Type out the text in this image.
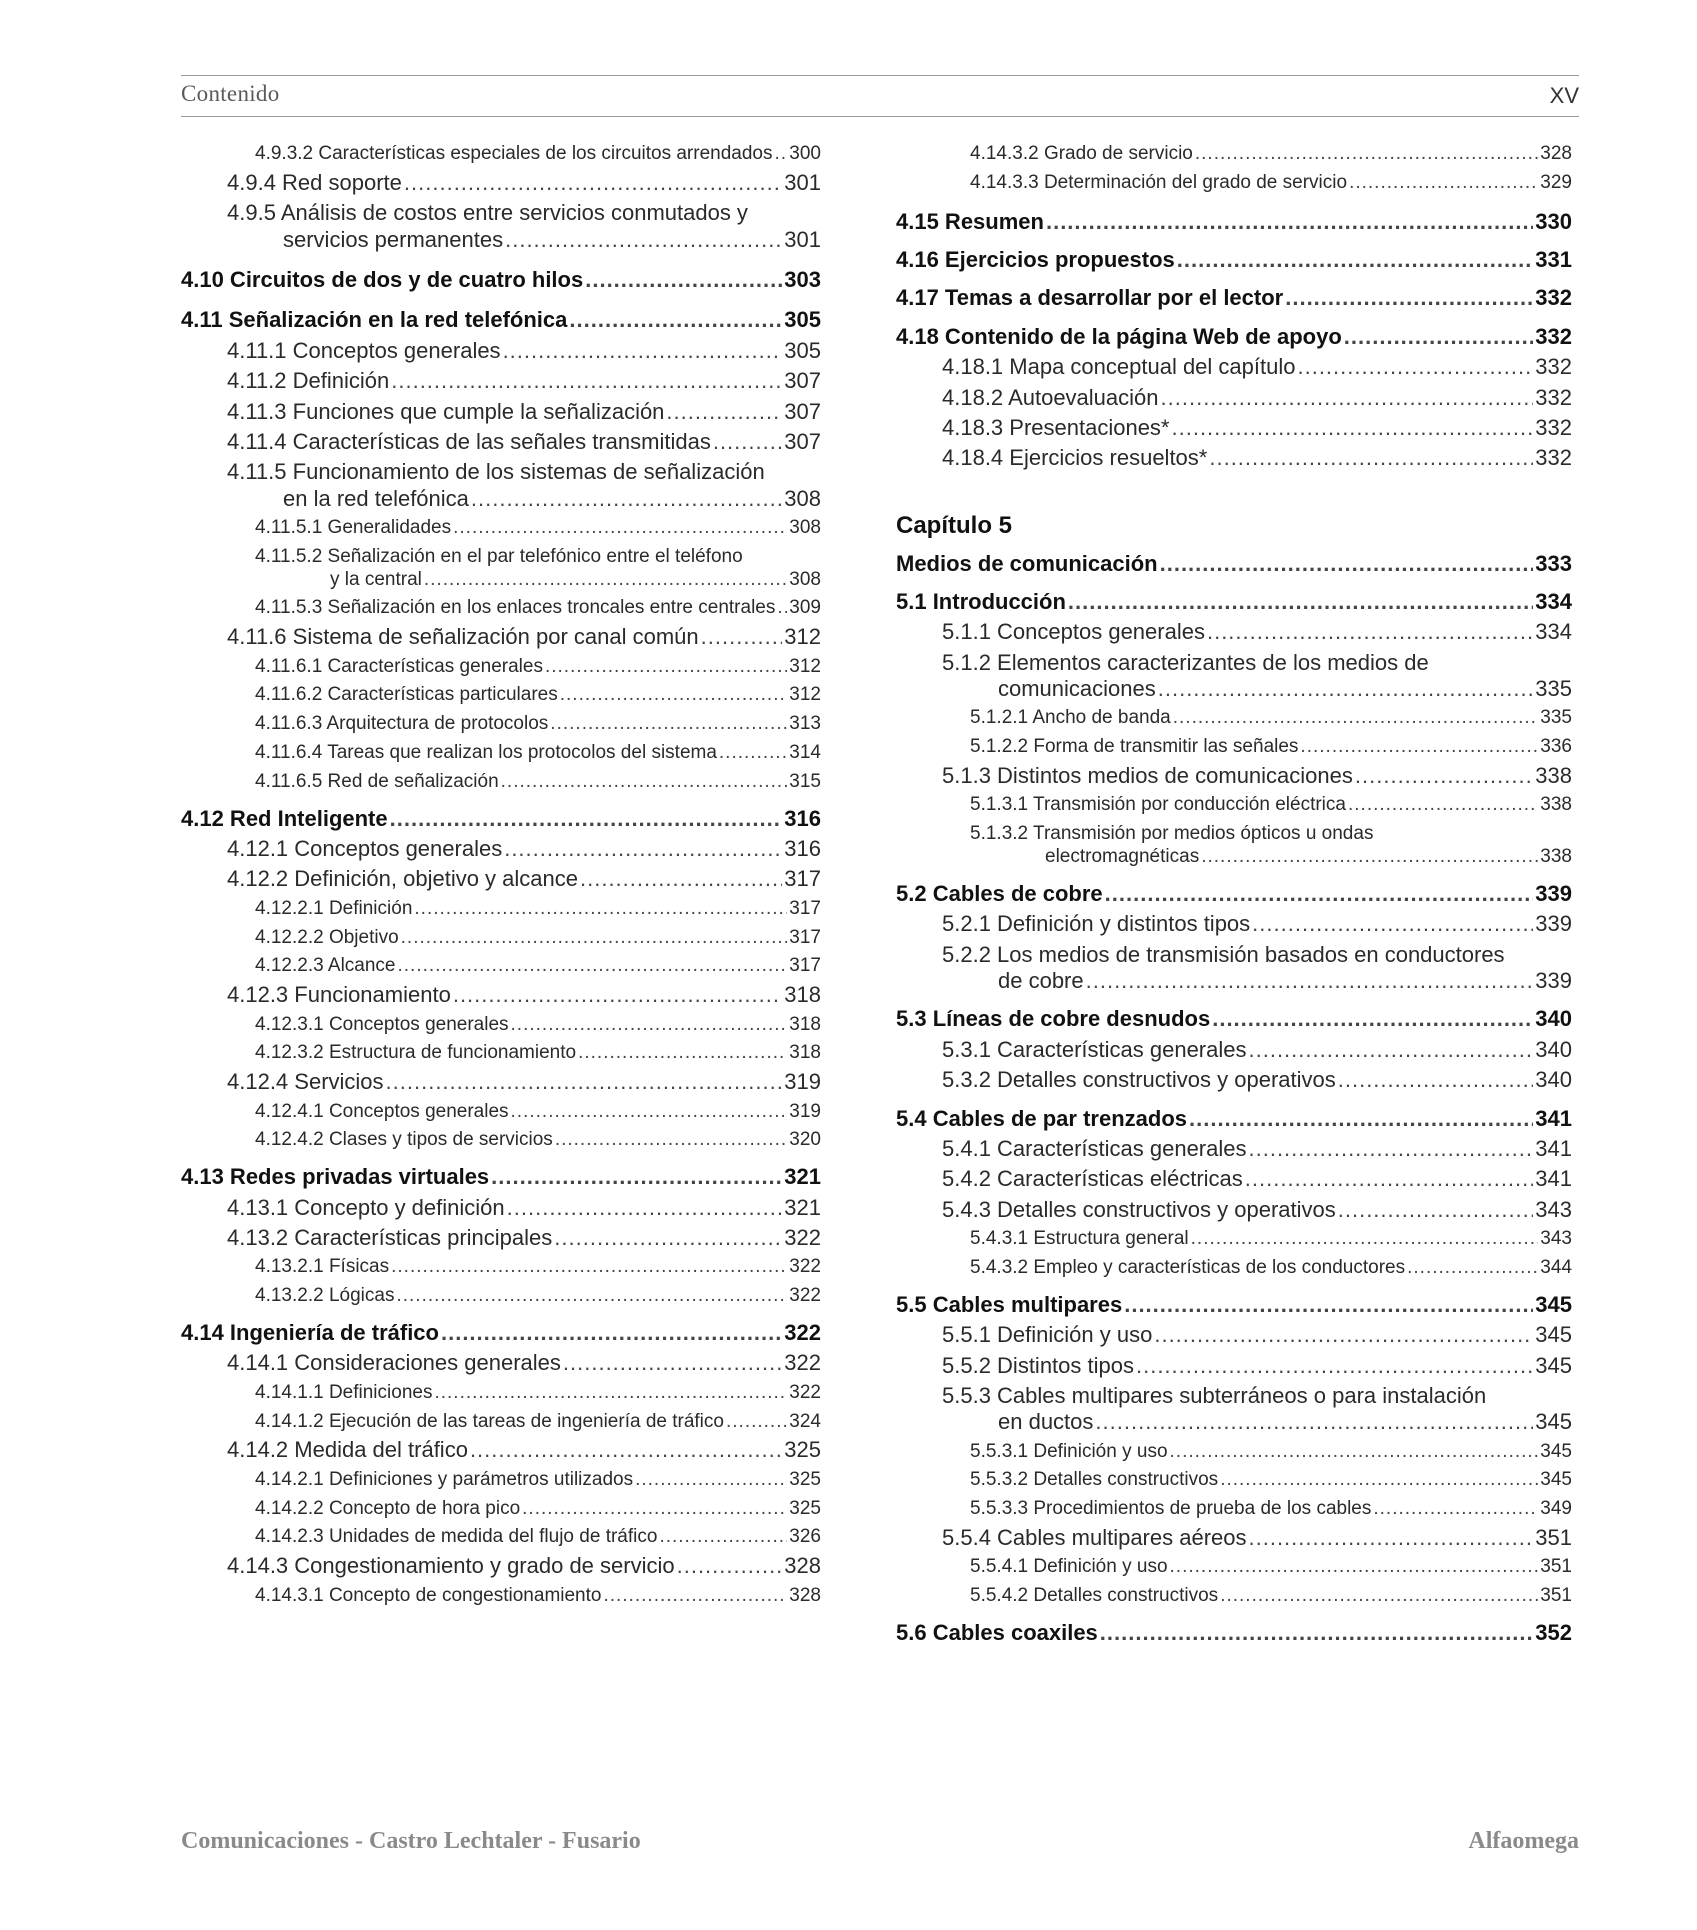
Contenido	XV
4.9.3.2 Características especiales de los circuitos arrendados ..... 300
4.9.4 Red soporte .....	301
4.9.5 Análisis de costos entre servicios conmutados y
servicios permanentes .....	301
4.10 Circuitos de dos y de cuatro hilos .....	303
4.11 Señalización en la red telefónica .....	305
4.11.1 Conceptos generales .....	305
4.11.2 Definición .....	307
4.11.3 Funciones que cumple la señalización .....	307
4.11.4 Características de las señales transmitidas .....	307
4.11.5 Funcionamiento de los sistemas de señalización
en la red telefónica .....	308
4.11.5.1 Generalidades .....	308
4.11.5.2 Señalización en el par telefónico entre el teléfono
y la central .....	308
4.11.5.3 Señalización en los enlaces troncales entre centrales ..... 309
4.11.6 Sistema de señalización por canal común .....	312
4.11.6.1 Características generales .....	312
4.11.6.2 Características particulares .....	312
4.11.6.3 Arquitectura de protocolos .....	313
4.11.6.4 Tareas que realizan los protocolos del sistema .....	314
4.11.6.5 Red de señalización .....	315
4.12 Red Inteligente .....	316
4.12.1 Conceptos generales .....	316
4.12.2 Definición, objetivo y alcance .....	317
4.12.2.1 Definición .....	317
4.12.2.2 Objetivo .....	317
4.12.2.3 Alcance .....	317
4.12.3 Funcionamiento .....	318
4.12.3.1 Conceptos generales .....	318
4.12.3.2 Estructura de funcionamiento .....	318
4.12.4 Servicios .....	319
4.12.4.1 Conceptos generales .....	319
4.12.4.2 Clases y tipos de servicios .....	320
4.13 Redes privadas virtuales .....	321
4.13.1 Concepto y definición .....	321
4.13.2 Características principales .....	322
4.13.2.1 Físicas .....	322
4.13.2.2 Lógicas .....	322
4.14 Ingeniería de tráfico .....	322
4.14.1 Consideraciones generales .....	322
4.14.1.1 Definiciones .....	322
4.14.1.2 Ejecución de las tareas de ingeniería de tráfico .....	324
4.14.2 Medida del tráfico .....	325
4.14.2.1 Definiciones y parámetros utilizados .....	325
4.14.2.2 Concepto de hora pico .....	325
4.14.2.3 Unidades de medida del flujo de tráfico .....	326
4.14.3 Congestionamiento y grado de servicio .....	328
4.14.3.1 Concepto de congestionamiento .....	328
4.14.3.2 Grado de servicio .....	328
4.14.3.3 Determinación del grado de servicio .....	329
4.15 Resumen .....	330
4.16 Ejercicios propuestos .....	331
4.17 Temas a desarrollar por el lector .....	332
4.18 Contenido de la página Web de apoyo .....	332
4.18.1 Mapa conceptual del capítulo .....	332
4.18.2 Autoevaluación .....	332
4.18.3 Presentaciones* .....	332
4.18.4 Ejercicios resueltos* .....	332
Capítulo 5
Medios de comunicación .....	333
5.1 Introducción .....	334
5.1.1 Conceptos generales .....	334
5.1.2 Elementos caracterizantes de los medios de
comunicaciones .....	335
5.1.2.1 Ancho de banda .....	335
5.1.2.2 Forma de transmitir las señales .....	336
5.1.3 Distintos medios de comunicaciones .....	338
5.1.3.1 Transmisión por conducción eléctrica .....	338
5.1.3.2 Transmisión por medios ópticos u ondas
electromagnéticas .....	338
5.2 Cables de cobre .....	339
5.2.1 Definición y distintos tipos .....	339
5.2.2 Los medios de transmisión basados en conductores
de cobre .....	339
5.3 Líneas de cobre desnudos .....	340
5.3.1 Características generales .....	340
5.3.2 Detalles constructivos y operativos .....	340
5.4 Cables de par trenzados .....	341
5.4.1 Características generales .....	341
5.4.2 Características eléctricas .....	341
5.4.3 Detalles constructivos y operativos .....	343
5.4.3.1 Estructura general .....	343
5.4.3.2 Empleo y características de los conductores .....	344
5.5 Cables multipares .....	345
5.5.1 Definición y uso .....	345
5.5.2 Distintos tipos .....	345
5.5.3 Cables multipares subterráneos o para instalación
en ductos .....	345
5.5.3.1 Definición y uso .....	345
5.5.3.2 Detalles constructivos .....	345
5.5.3.3 Procedimientos de prueba de los cables .....	349
5.5.4 Cables multipares aéreos .....	351
5.5.4.1 Definición y uso .....	351
5.5.4.2 Detalles constructivos .....	351
5.6 Cables coaxiles .....	352
Comunicaciones - Castro Lechtaler - Fusario	Alfaomega
